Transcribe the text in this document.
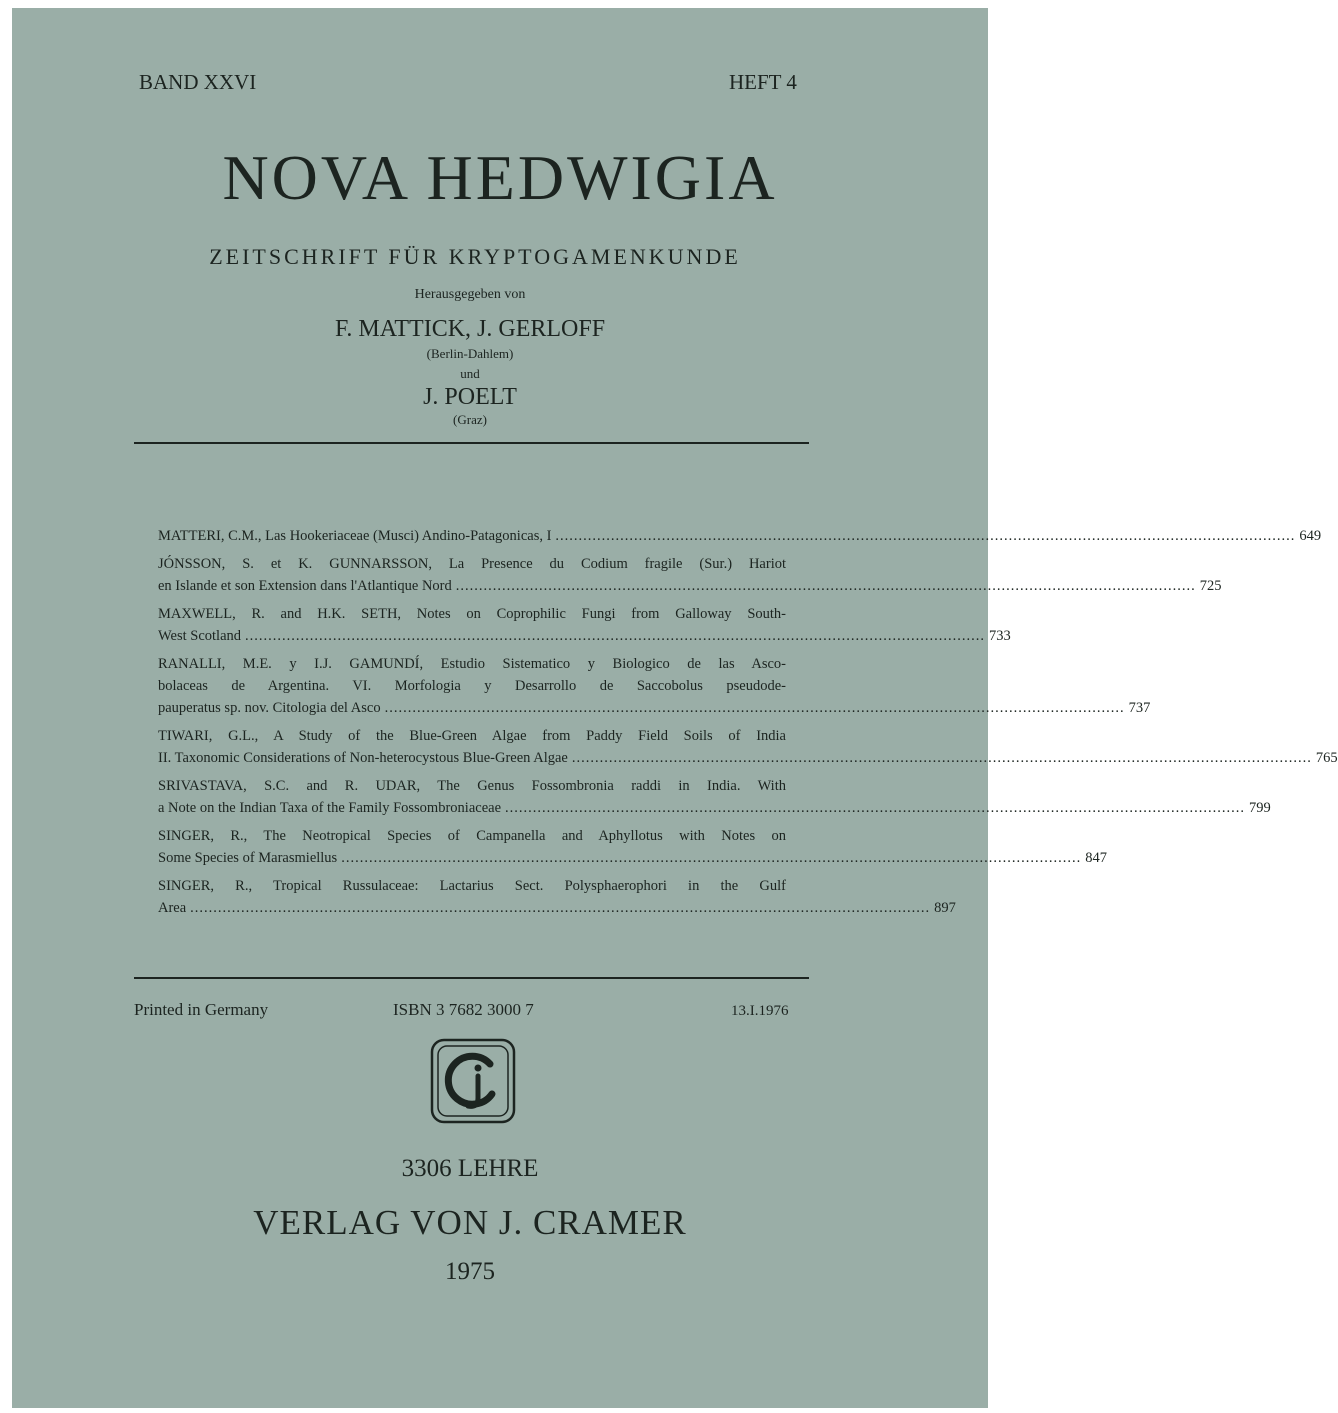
BAND XXVI	HEFT 4
NOVA HEDWIGIA
ZEITSCHRIFT FÜR KRYPTOGAMENKUNDE
Herausgegeben von
F. MATTICK, J. GERLOFF
(Berlin-Dahlem)
und
J. POELT
(Graz)
MATTERI, C.M., Las Hookeriaceae (Musci) Andino-Patagonicas, I ................................................................................................................................................................ 649
JÓNSSON, S. et K. GUNNARSSON, La Presence du Codium fragile (Sur.) Hariot
en Islande et son Extension dans l'Atlantique Nord ................................................................................................................................................................ 725
MAXWELL, R. and H.K. SETH, Notes on Coprophilic Fungi from Galloway South-
West Scotland ................................................................................................................................................................ 733
RANALLI, M.E. y I.J. GAMUNDÍ, Estudio Sistematico y Biologico de las Asco-
bolaceas de Argentina. VI. Morfologia y Desarrollo de Saccobolus pseudode-
pauperatus sp. nov. Citologia del Asco ................................................................................................................................................................ 737
TIWARI, G.L., A Study of the Blue-Green Algae from Paddy Field Soils of India
II. Taxonomic Considerations of Non-heterocystous Blue-Green Algae ................................................................................................................................................................ 765
SRIVASTAVA, S.C. and R. UDAR, The Genus Fossombronia raddi in India. With
a Note on the Indian Taxa of the Family Fossombroniaceae ................................................................................................................................................................ 799
SINGER, R., The Neotropical Species of Campanella and Aphyllotus with Notes on
Some Species of Marasmiellus ................................................................................................................................................................ 847
SINGER, R., Tropical Russulaceae: Lactarius Sect. Polysphaerophori in the Gulf
Area ................................................................................................................................................................ 897
Printed in Germany	ISBN 3 7682 3000 7	13.I.1976
3306 LEHRE
VERLAG VON J. CRAMER
1975
